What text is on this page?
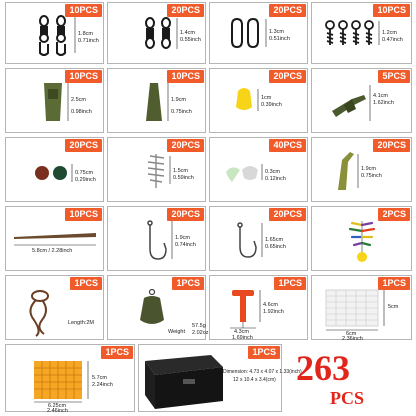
10PCS
1.8cm
0.71inch
20PCS
1.4cm
0.55inch
20PCS
1.3cm
0.51inch
10PCS
1.2cm
0.47inch
10PCS
2.5cm
0.98inch
10PCS
1.9cm
0.75inch
20PCS
1cm
0.39inch
5PCS
4.1cm
1.62inch
20PCS
0.75cm
0.29inch
20PCS
1.5cm
0.59inch
40PCS
0.3cm
0.12inch
20PCS
1.9cm
0.75inch
10PCS
5.8cm / 2.28inch
20PCS
1.9cm
0.74inch
20PCS
1.65cm
0.65inch
2PCS
1PCS
Length:2M
1PCS
Weight
57.5g
2.02oz
1PCS
4.6cm
1.92inch
4.3cm
1.69inch
1PCS
5cm
6cm
2.36inch
1PCS
5.7cm
2.24inch
6.25cm
2.46inch
1PCS
Dimension: 4.73 x 4.07 x 1.33(inch)
12 x 10.4 x 3.4(cm) 263
PCS
